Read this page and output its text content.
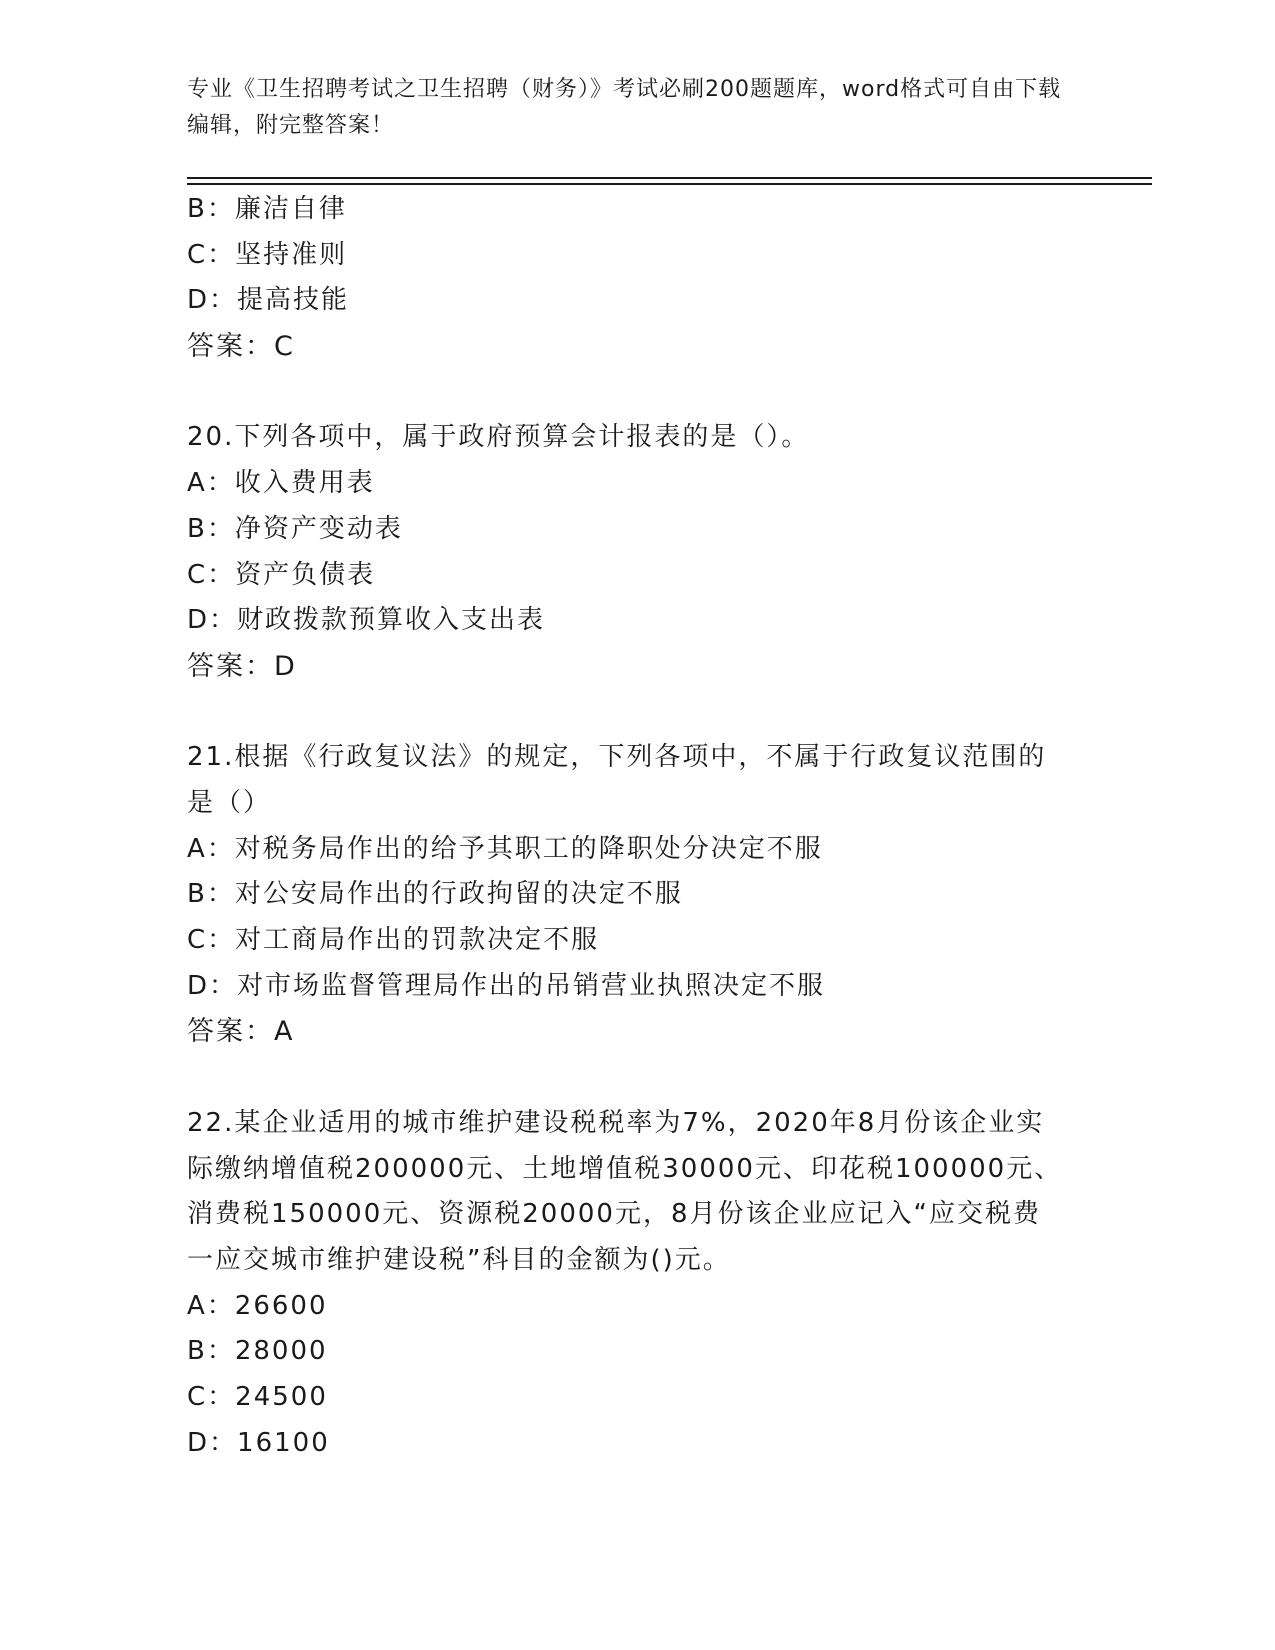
专业《卫生招聘考试之卫生招聘（财务）》考试必刷200题题库，word格式可自由下载编辑，附完整答案！
B：廉洁自律
C：坚持准则
D：提高技能
答案：C
20.下列各项中，属于政府预算会计报表的是（）。
A：收入费用表
B：净资产变动表
C：资产负债表
D：财政拨款预算收入支出表
答案：D
21.根据《行政复议法》的规定，下列各项中，不属于行政复议范围的是（）
A：对税务局作出的给予其职工的降职处分决定不服
B：对公安局作出的行政拘留的决定不服
C：对工商局作出的罚款决定不服
D：对市场监督管理局作出的吊销营业执照决定不服
答案：A
22.某企业适用的城市维护建设税税率为7%，2020年8月份该企业实际缴纳增值税200000元、土地增值税30000元、印花税100000元、消费税150000元、资源税20000元，8月份该企业应记入“应交税费一应交城市维护建设税”科目的金额为()元。
A：26600
B：28000
C：24500
D：16100
